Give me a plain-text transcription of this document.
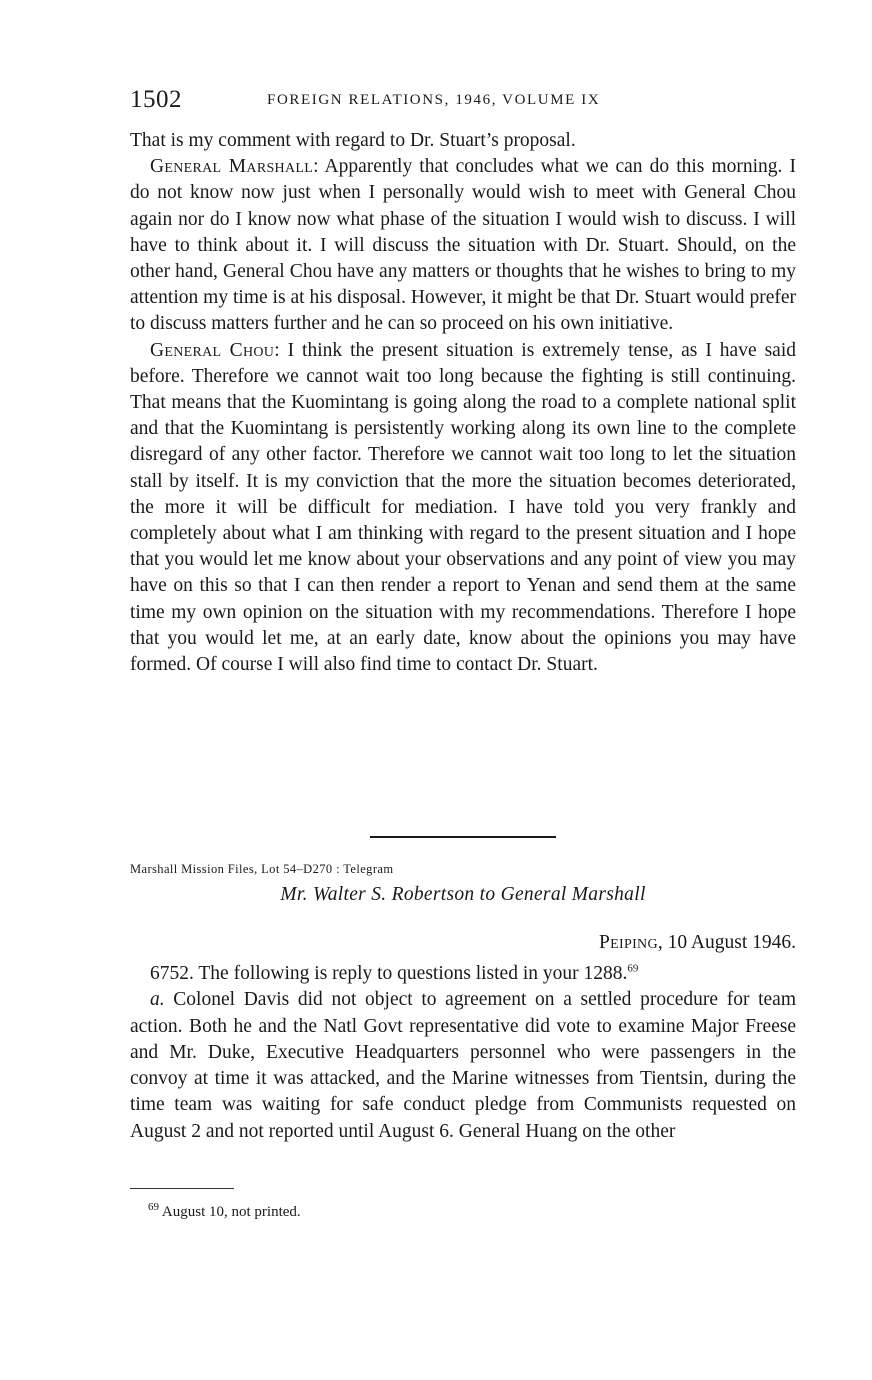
1502	FOREIGN RELATIONS, 1946, VOLUME IX

That is my comment with regard to Dr. Stuart’s proposal.

General Marshall: Apparently that concludes what we can do this morning. I do not know now just when I personally would wish to meet with General Chou again nor do I know now what phase of the situation I would wish to discuss. I will have to think about it. I will discuss the situation with Dr. Stuart. Should, on the other hand, General Chou have any matters or thoughts that he wishes to bring to my attention my time is at his disposal. However, it might be that Dr. Stuart would prefer to discuss matters further and he can so proceed on his own initiative.

General Chou: I think the present situation is extremely tense, as I have said before. Therefore we cannot wait too long because the fighting is still continuing. That means that the Kuomintang is going along the road to a complete national split and that the Kuomintang is persistently working along its own line to the complete disregard of any other factor. Therefore we cannot wait too long to let the situation stall by itself. It is my conviction that the more the situation becomes deteriorated, the more it will be difficult for mediation. I have told you very frankly and completely about what I am thinking with regard to the present situation and I hope that you would let me know about your observations and any point of view you may have on this so that I can then render a report to Yenan and send them at the same time my own opinion on the situation with my recommendations. Therefore I hope that you would let me, at an early date, know about the opinions you may have formed. Of course I will also find time to contact Dr. Stuart.

Marshall Mission Files, Lot 54–D270 : Telegram
Mr. Walter S. Robertson to General Marshall
Peiping, 10 August 1946.

6752. The following is reply to questions listed in your 1288.69

a. Colonel Davis did not object to agreement on a settled procedure for team action. Both he and the Natl Govt representative did vote to examine Major Freese and Mr. Duke, Executive Headquarters personnel who were passengers in the convoy at time it was attacked, and the Marine witnesses from Tientsin, during the time team was waiting for safe conduct pledge from Communists requested on August 2 and not reported until August 6. General Huang on the other

$^{69}$ August 10, not printed.
